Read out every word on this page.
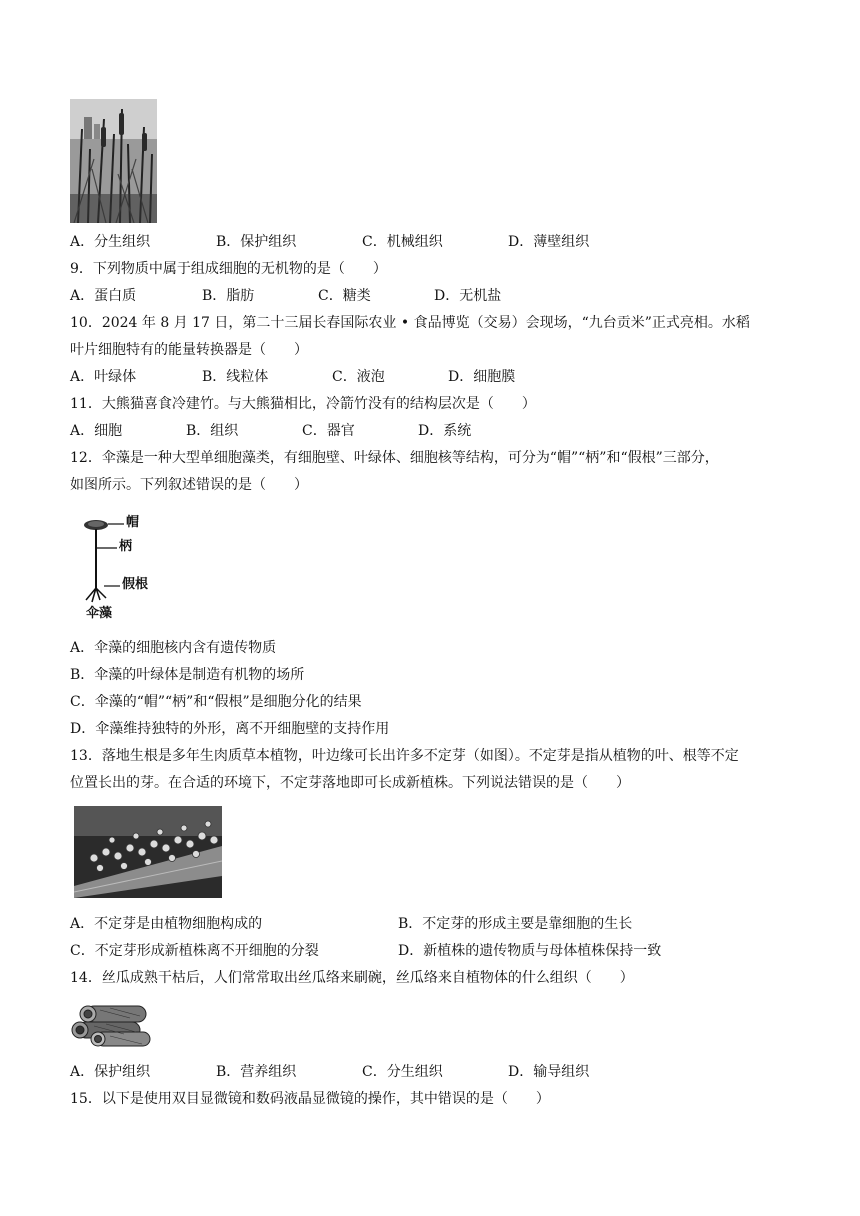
A．分生组织	B．保护组织	C．机械组织	D．薄壁组织
9．下列物质中属于组成细胞的无机物的是（　　）
A．蛋白质	B．脂肪	C．糖类	D．无机盐
10．2024 年 8 月 17 日，第二十三届长春国际农业 • 食品博览（交易）会现场，“九台贡米”正式亮相。水稻
叶片细胞特有的能量转换器是（　　）
A．叶绿体	B．线粒体	C．液泡	D．细胞膜
11．大熊猫喜食冷建竹。与大熊猫相比，冷箭竹没有的结构层次是（　　）
A．细胞	B．组织	C．器官	D．系统
12．伞藻是一种大型单细胞藻类，有细胞壁、叶绿体、细胞核等结构，可分为“帽”“柄”和“假根”三部分，
如图所示。下列叙述错误的是（　　）
帽
柄
假根
伞藻
A．伞藻的细胞核内含有遗传物质
B．伞藻的叶绿体是制造有机物的场所
C．伞藻的“帽”“柄”和“假根”是细胞分化的结果
D．伞藻维持独特的外形，离不开细胞壁的支持作用
13．落地生根是多年生肉质草本植物，叶边缘可长出许多不定芽（如图）。不定芽是指从植物的叶、根等不定
位置长出的芽。在合适的环境下，不定芽落地即可长成新植株。下列说法错误的是（　　）
A．不定芽是由植物细胞构成的	B．不定芽的形成主要是靠细胞的生长
C．不定芽形成新植株离不开细胞的分裂	D．新植株的遗传物质与母体植株保持一致
14．丝瓜成熟干枯后，人们常常取出丝瓜络来刷碗，丝瓜络来自植物体的什么组织（　　）
A．保护组织	B．营养组织	C．分生组织	D．输导组织
15．以下是使用双目显微镜和数码液晶显微镜的操作，其中错误的是（　　）
